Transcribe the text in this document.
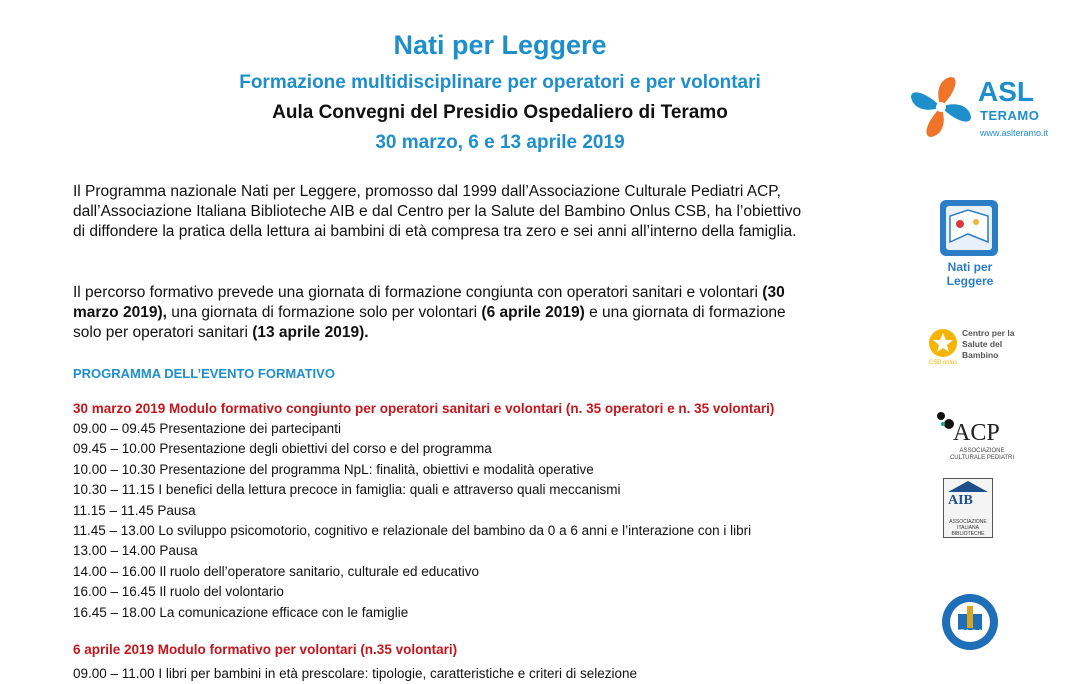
Nati per Leggere
Formazione multidisciplinare per operatori e per volontari
Aula Convegni del Presidio Ospedaliero di Teramo
30 marzo, 6 e 13 aprile 2019
ASL
TERAMO
www.aslteramo.it
Il Programma nazionale Nati per Leggere, promosso dal 1999 dall’Associazione Culturale Pediatri ACP,
dall’Associazione Italiana Biblioteche AIB e dal Centro per la Salute del Bambino Onlus CSB, ha l’obiettivo
di diffondere la pratica della lettura ai bambini di età compresa tra zero e sei anni all’interno della famiglia.
Nati per
Leggere
Il percorso formativo prevede una giornata di formazione congiunta con operatori sanitari e volontari (30
marzo 2019), una giornata di formazione solo per volontari (6 aprile 2019) e una giornata di formazione
solo per operatori sanitari (13 aprile 2019).
CSB onlus
Centro per la
Salute del
Bambino
PROGRAMMA DELL’EVENTO FORMATIVO
30 marzo 2019 Modulo formativo congiunto per operatori sanitari e volontari (n. 35 operatori e n. 35 volontari)
09.00 – 09.45 Presentazione dei partecipanti
09.45 – 10.00 Presentazione degli obiettivi del corso e del programma
10.00 – 10.30 Presentazione del programma NpL: finalità, obiettivi e modalità operative
10.30 – 11.15 I benefici della lettura precoce in famiglia: quali e attraverso quali meccanismi
11.15 – 11.45 Pausa
11.45 – 13.00 Lo sviluppo psicomotorio, cognitivo e relazionale del bambino da 0 a 6 anni e l’interazione con i libri
13.00 – 14.00 Pausa
14.00 – 16.00 Il ruolo dell’operatore sanitario, culturale ed educativo
16.00 – 16.45 Il ruolo del volontario
16.45 – 18.00 La comunicazione efficace con le famiglie
ACP
ASSOCIAZIONE CULTURALE PEDIATRI
AIB
ASSOCIAZIONE ITALIANA BIBLIOTECHE
6 aprile 2019 Modulo formativo per volontari (n.35 volontari)
09.00 – 11.00 I libri per bambini in età prescolare: tipologie, caratteristiche e criteri di selezione
ITACA
